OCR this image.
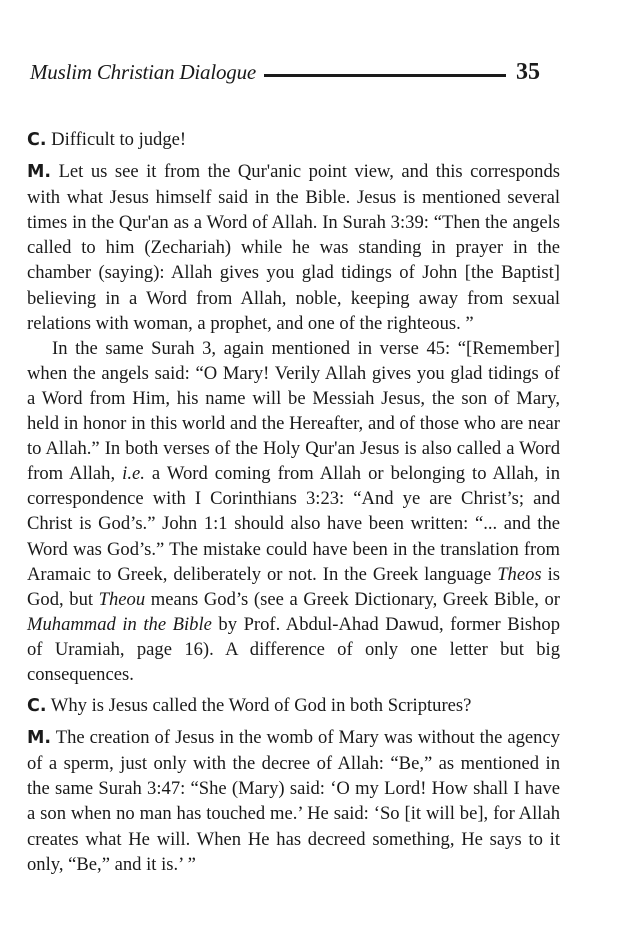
Muslim Christian Dialogue	35

C. Difficult to judge!

M. Let us see it from the Qur'anic point view, and this corresponds with what Jesus himself said in the Bible. Jesus is mentioned several times in the Qur'an as a Word of Allah. In Surah 3:39: “Then the angels called to him (Zechariah) while he was standing in prayer in the chamber (saying): Allah gives you glad tidings of John [the Baptist] believing in a Word from Allah, noble, keeping away from sexual relations with woman, a prophet, and one of the righteous. ”

In the same Surah 3, again mentioned in verse 45: “[Remember] when the angels said: “O Mary! Verily Allah gives you glad tidings of a Word from Him, his name will be Messiah Jesus, the son of Mary, held in honor in this world and the Hereafter, and of those who are near to Allah.” In both verses of the Holy Qur'an Jesus is also called a Word from Allah, i.e. a Word coming from Allah or belonging to Allah, in correspondence with I Corinthians 3:23: “And ye are Christ’s; and Christ is God’s.” John 1:1 should also have been written: “... and the Word was God’s.” The mistake could have been in the translation from Aramaic to Greek, deliberately or not. In the Greek language Theos is God, but Theou means God’s (see a Greek Dictionary, Greek Bible, or Muhammad in the Bible by Prof. Abdul-Ahad Dawud, former Bishop of Uramiah, page 16). A difference of only one letter but big consequences.

C. Why is Jesus called the Word of God in both Scriptures?

M. The creation of Jesus in the womb of Mary was without the agency of a sperm, just only with the decree of Allah: “Be,” as mentioned in the same Surah 3:47: “She (Mary) said: ‘O my Lord! How shall I have a son when no man has touched me.’ He said: ‘So [it will be], for Allah creates what He will. When He has decreed something, He says to it only, “Be,” and it is.’ ”
